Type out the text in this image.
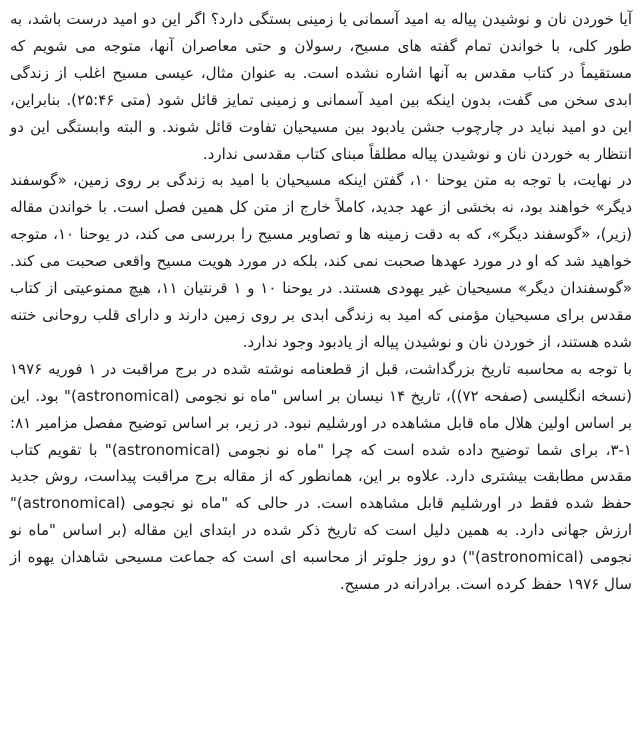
آیا خوردن نان و نوشیدن پیاله به امید آسمانی یا زمینی بستگی دارد؟ اگر این دو امید درست باشد، به طور کلی، با خواندن تمام گفته های مسیح، رسولان و حتی معاصران آنها، متوجه می شویم که مستقیماً در کتاب مقدس به آنها اشاره نشده است. به عنوان مثال، عیسی مسیح اغلب از زندگی ابدی سخن می گفت، بدون اینکه بین امید آسمانی و زمینی تمایز قائل شود (متی ۲۵:۴۶). بنابراین، این دو امید نباید در چارچوب جشن یادبود بین مسیحیان تفاوت قائل شوند. و البته وابستگی این دو انتظار به خوردن نان و نوشیدن پیاله مطلقاً مبنای کتاب مقدسی ندارد.

در نهایت، با توجه به متن یوحنا ۱۰، گفتن اینکه مسیحیان با امید به زندگی بر روی زمین، «گوسفند دیگر» خواهند بود، نه بخشی از عهد جدید، کاملاً خارج از متن کل همین فصل است. با خواندن مقاله (زیر)، «گوسفند دیگر»، که به دقت زمینه ها و تصاویر مسیح را بررسی می کند، در یوحنا ۱۰، متوجه خواهید شد که او در مورد عهدها صحبت نمی کند، بلکه در مورد هویت مسیح واقعی صحبت می کند. «گوسفندان دیگر» مسیحیان غیر یهودی هستند. در یوحنا ۱۰ و ۱ قرنتیان ۱۱، هیچ ممنوعیتی از کتاب مقدس برای مسیحیان مؤمنی که امید به زندگی ابدی بر روی زمین دارند و دارای قلب روحانی ختنه شده هستند، از خوردن نان و نوشیدن پیاله از یادبود وجود ندارد.

با توجه به محاسبه تاریخ بزرگداشت، قبل از قطعنامه نوشته شده در برج مراقبت در ۱ فوریه ۱۹۷۶ (نسخه انگلیسی (صفحه ۷۲))، تاریخ ۱۴ نیسان بر اساس "ماه نو نجومی (astronomical)" بود. این بر اساس اولین هلال ماه قابل مشاهده در اورشلیم نبود. در زیر، بر اساس توضیح مفصل مزامیر ۸۱: ۱-۳، برای شما توضیح داده شده است که چرا "ماه نو نجومی (astronomical)" با تقویم کتاب مقدس مطابقت بیشتری دارد. علاوه بر این، همانطور که از مقاله برج مراقبت پیداست، روش جدید حفظ شده فقط در اورشلیم قابل مشاهده است. در حالی که "ماه نو نجومی (astronomical)" ارزش جهانی دارد. به همین دلیل است که تاریخ ذکر شده در ابتدای این مقاله (بر اساس "ماه نو نجومی (astronomical)") دو روز جلوتر از محاسبه ای است که جماعت مسیحی شاهدان یهوه از سال ۱۹۷۶ حفظ کرده است. برادرانه در مسیح.
